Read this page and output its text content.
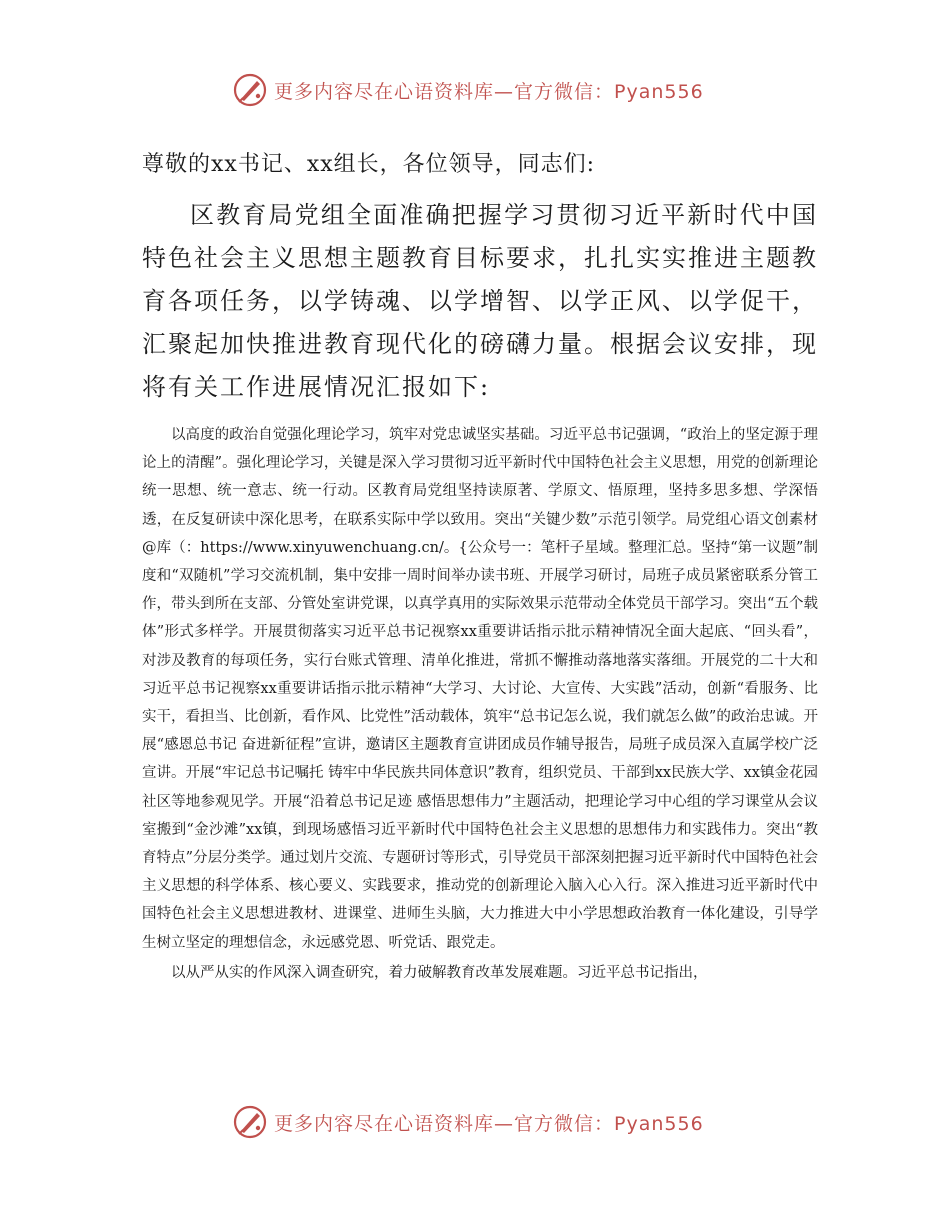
更多内容尽在心语资料库—官方微信：Pyan556
尊敬的xx书记、xx组长，各位领导，同志们:

区教育局党组全面准确把握学习贯彻习近平新时代中国特色社会主义思想主题教育目标要求，扎扎实实推进主题教育各项任务，以学铸魂、以学增智、以学正风、以学促干，汇聚起加快推进教育现代化的磅礴力量。根据会议安排，现将有关工作进展情况汇报如下:

以高度的政治自觉强化理论学习，筑牢对党忠诚坚实基础。习近平总书记强调，“政治上的坚定源于理论上的清醒”。强化理论学习，关键是深入学习贯彻习近平新时代中国特色社会主义思想，用党的创新理论统一思想、统一意志、统一行动。区教育局党组坚持读原著、学原文、悟原理，坚持多思多想、学深悟透，在反复研读中深化思考，在联系实际中学以致用。突出“关键少数”示范引领学。局党组心语文创素材@库（：https://www.xinyuwenchuang.cn/。{公众号一：笔杆子星域。整理汇总。坚持“第一议题”制度和“双随机”学习交流机制，集中安排一周时间举办读书班、开展学习研讨，局班子成员紧密联系分管工作，带头到所在支部、分管处室讲党课，以真学真用的实际效果示范带动全体党员干部学习。突出“五个载体”形式多样学。开展贯彻落实习近平总书记视察xx重要讲话指示批示精神情况全面大起底、“回头看”，对涉及教育的每项任务，实行台账式管理、清单化推进，常抓不懈推动落地落实落细。开展党的二十大和习近平总书记视察xx重要讲话指示批示精神“大学习、大讨论、大宣传、大实践”活动，创新“看服务、比实干，看担当、比创新，看作风、比党性”活动载体，筑牢“总书记怎么说，我们就怎么做”的政治忠诚。开展“感恩总书记 奋进新征程”宣讲，邀请区主题教育宣讲团成员作辅导报告，局班子成员深入直属学校广泛宣讲。开展“牢记总书记嘱托 铸牢中华民族共同体意识”教育，组织党员、干部到xx民族大学、xx镇金花园社区等地参观见学。开展“沿着总书记足迹 感悟思想伟力”主题活动，把理论学习中心组的学习课堂从会议室搬到“金沙滩”xx镇，到现场感悟习近平新时代中国特色社会主义思想的思想伟力和实践伟力。突出“教育特点”分层分类学。通过划片交流、专题研讨等形式，引导党员干部深刻把握习近平新时代中国特色社会主义思想的科学体系、核心要义、实践要求，推动党的创新理论入脑入心入行。深入推进习近平新时代中国特色社会主义思想进教材、进课堂、进师生头脑，大力推进大中小学思想政治教育一体化建设，引导学生树立坚定的理想信念，永远感党恩、听党话、跟党走。

以从严从实的作风深入调查研究，着力破解教育改革发展难题。习近平总书记指出，

更多内容尽在心语资料库—官方微信：Pyan556
